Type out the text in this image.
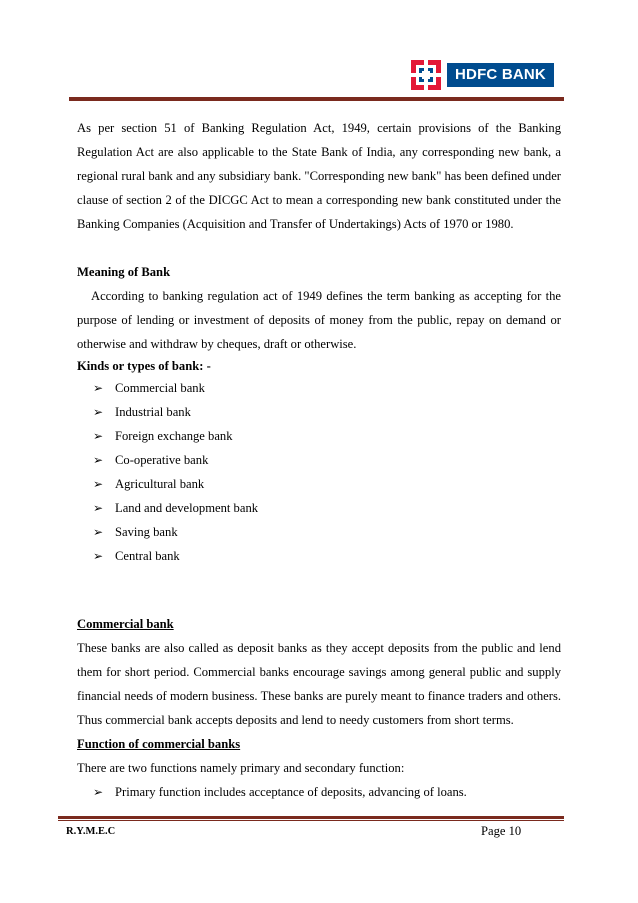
HDFC BANK

As per section 51 of Banking Regulation Act, 1949, certain provisions of the Banking Regulation Act are also applicable to the State Bank of India, any corresponding new bank, a regional rural bank and any subsidiary bank. "Corresponding new bank" has been defined under clause of section 2 of the DICGC Act to mean a corresponding new bank constituted under the Banking Companies (Acquisition and Transfer of Undertakings) Acts of 1970 or 1980.

Meaning of Bank

According to banking regulation act of 1949 defines the term banking as accepting for the purpose of lending or investment of deposits of money from the public, repay on demand or otherwise and withdraw by cheques, draft or otherwise.

Kinds or types of bank: -

➢ Commercial bank
➢ Industrial bank
➢ Foreign exchange bank
➢ Co-operative bank
➢ Agricultural bank
➢ Land and development bank
➢ Saving bank
➢ Central bank

Commercial bank

These banks are also called as deposit banks as they accept deposits from the public and lend them for short period. Commercial banks encourage savings among general public and supply financial needs of modern business. These banks are purely meant to finance traders and others. Thus commercial bank accepts deposits and lend to needy customers from short terms.

Function of commercial banks

There are two functions namely primary and secondary function:

➢ Primary function includes acceptance of deposits, advancing of loans.
R.Y.M.E.C	Page 10
